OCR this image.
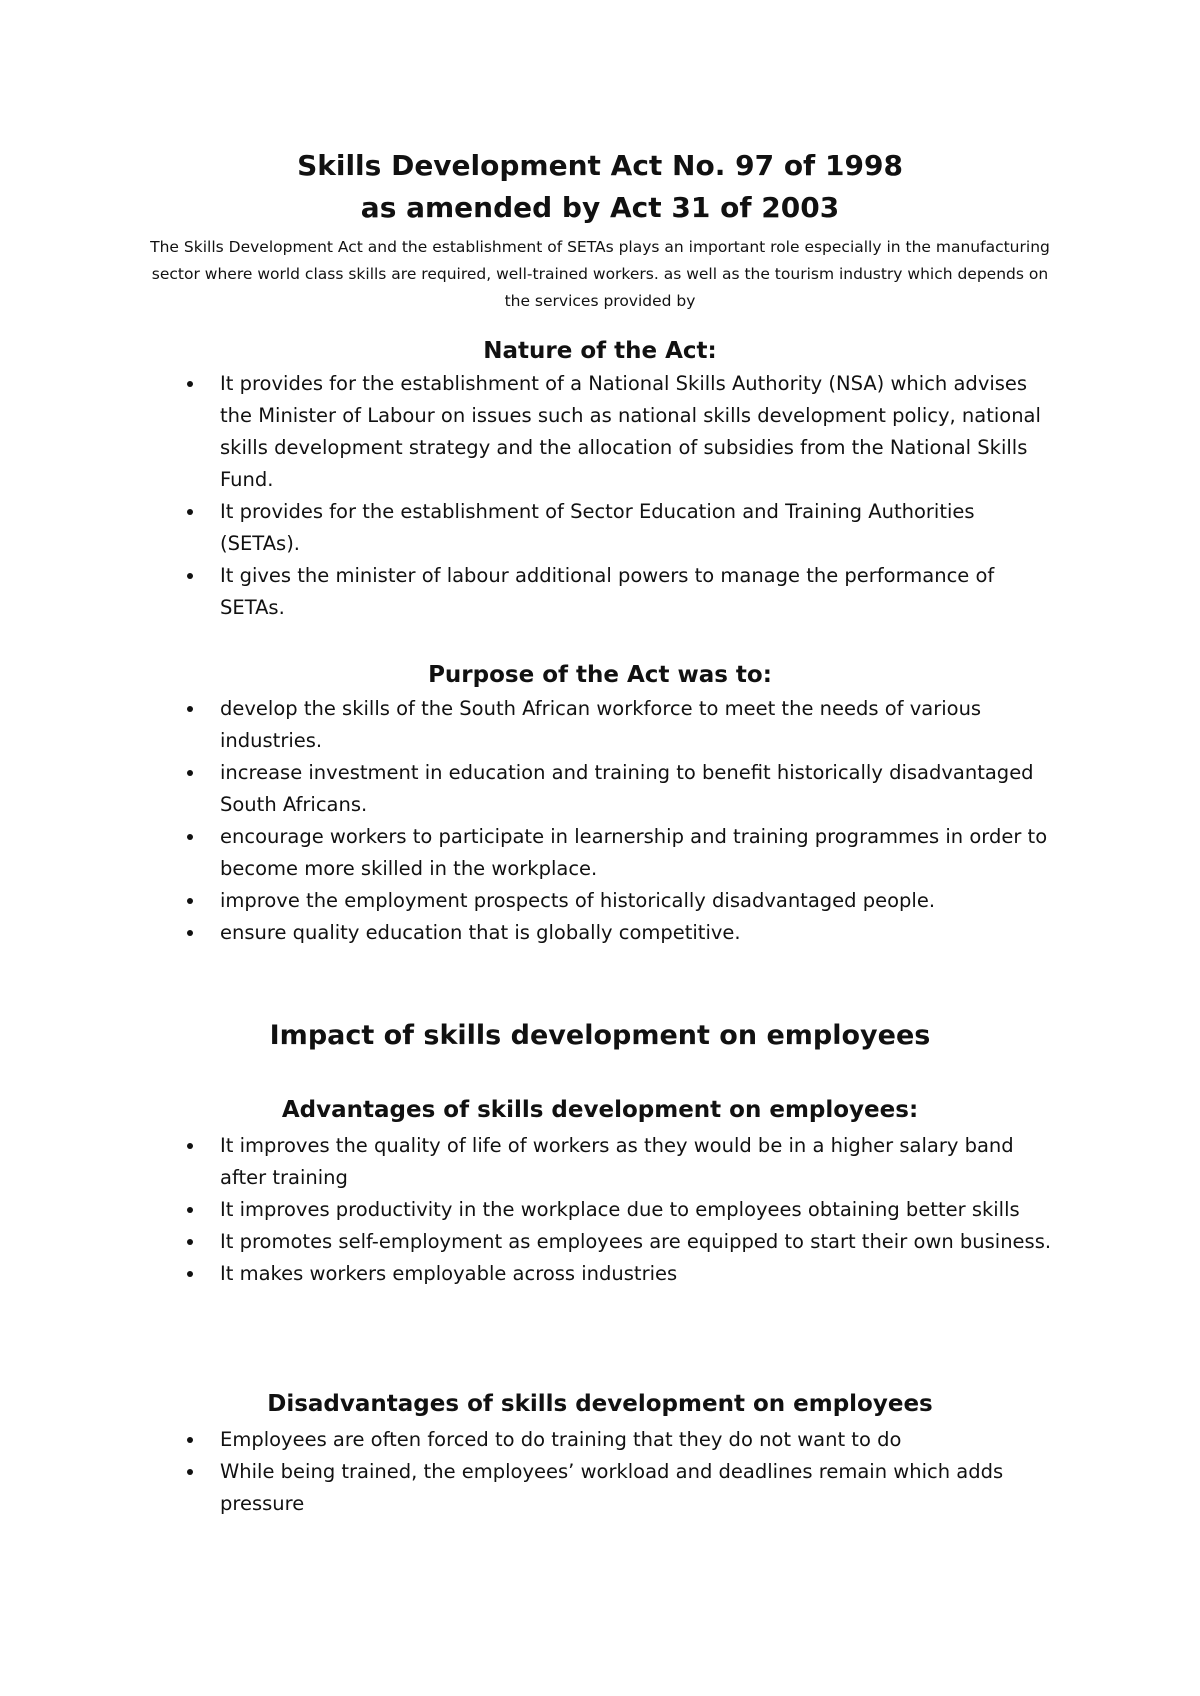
Skills Development Act No. 97 of 1998
as amended by Act 31 of 2003

The Skills Development Act and the establishment of SETAs plays an important role especially in the manufacturing sector where world class skills are required, well-trained workers. as well as the tourism industry which depends on the services provided by

Nature of the Act:
It provides for the establishment of a National Skills Authority (NSA) which advises the Minister of Labour on issues such as national skills development policy, national skills development strategy and the allocation of subsidies from the National Skills Fund.
It provides for the establishment of Sector Education and Training Authorities (SETAs).
It gives the minister of labour additional powers to manage the performance of SETAs.
Purpose of the Act was to:
develop the skills of the South African workforce to meet the needs of various industries.
increase investment in education and training to benefit historically disadvantaged South Africans.
encourage workers to participate in learnership and training programmes in order to become more skilled in the workplace.
improve the employment prospects of historically disadvantaged people.
ensure quality education that is globally competitive.
Impact of skills development on employees
Advantages of skills development on employees:
It improves the quality of life of workers as they would be in a higher salary band after training
It improves productivity in the workplace due to employees obtaining better skills
It promotes self-employment as employees are equipped to start their own business.
It makes workers employable across industries
Disadvantages of skills development on employees
Employees are often forced to do training that they do not want to do
While being trained, the employees’ workload and deadlines remain which adds pressure
